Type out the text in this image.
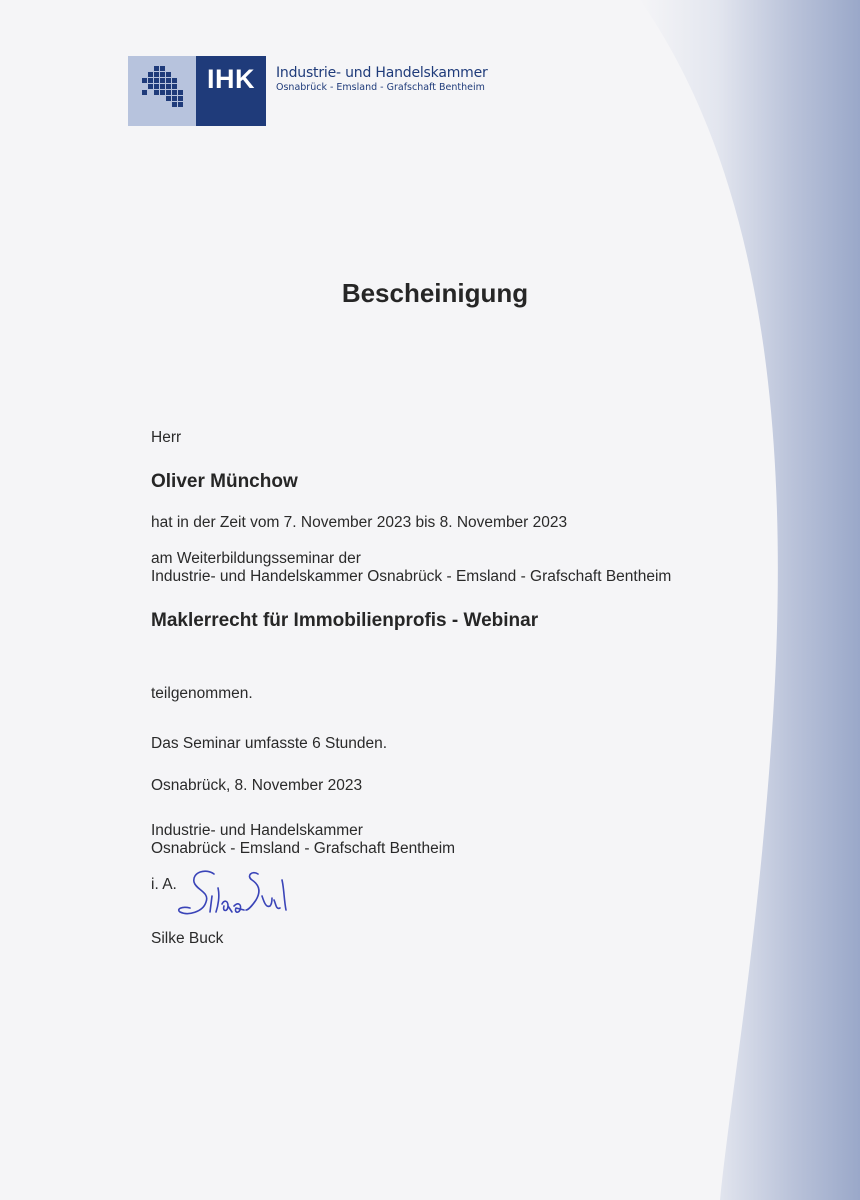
IHK	Industrie- und Handelskammer
Osnabrück - Emsland - Grafschaft Bentheim
Bescheinigung
Herr
Oliver Münchow
hat in der Zeit vom 7. November 2023 bis 8. November 2023
am Weiterbildungsseminar der
Industrie- und Handelskammer Osnabrück - Emsland - Grafschaft Bentheim
Maklerrecht für Immobilienprofis - Webinar
teilgenommen.
Das Seminar umfasste 6 Stunden.
Osnabrück, 8. November 2023
Industrie- und Handelskammer
Osnabrück - Emsland - Grafschaft Bentheim
i. A.
Silke Buck
